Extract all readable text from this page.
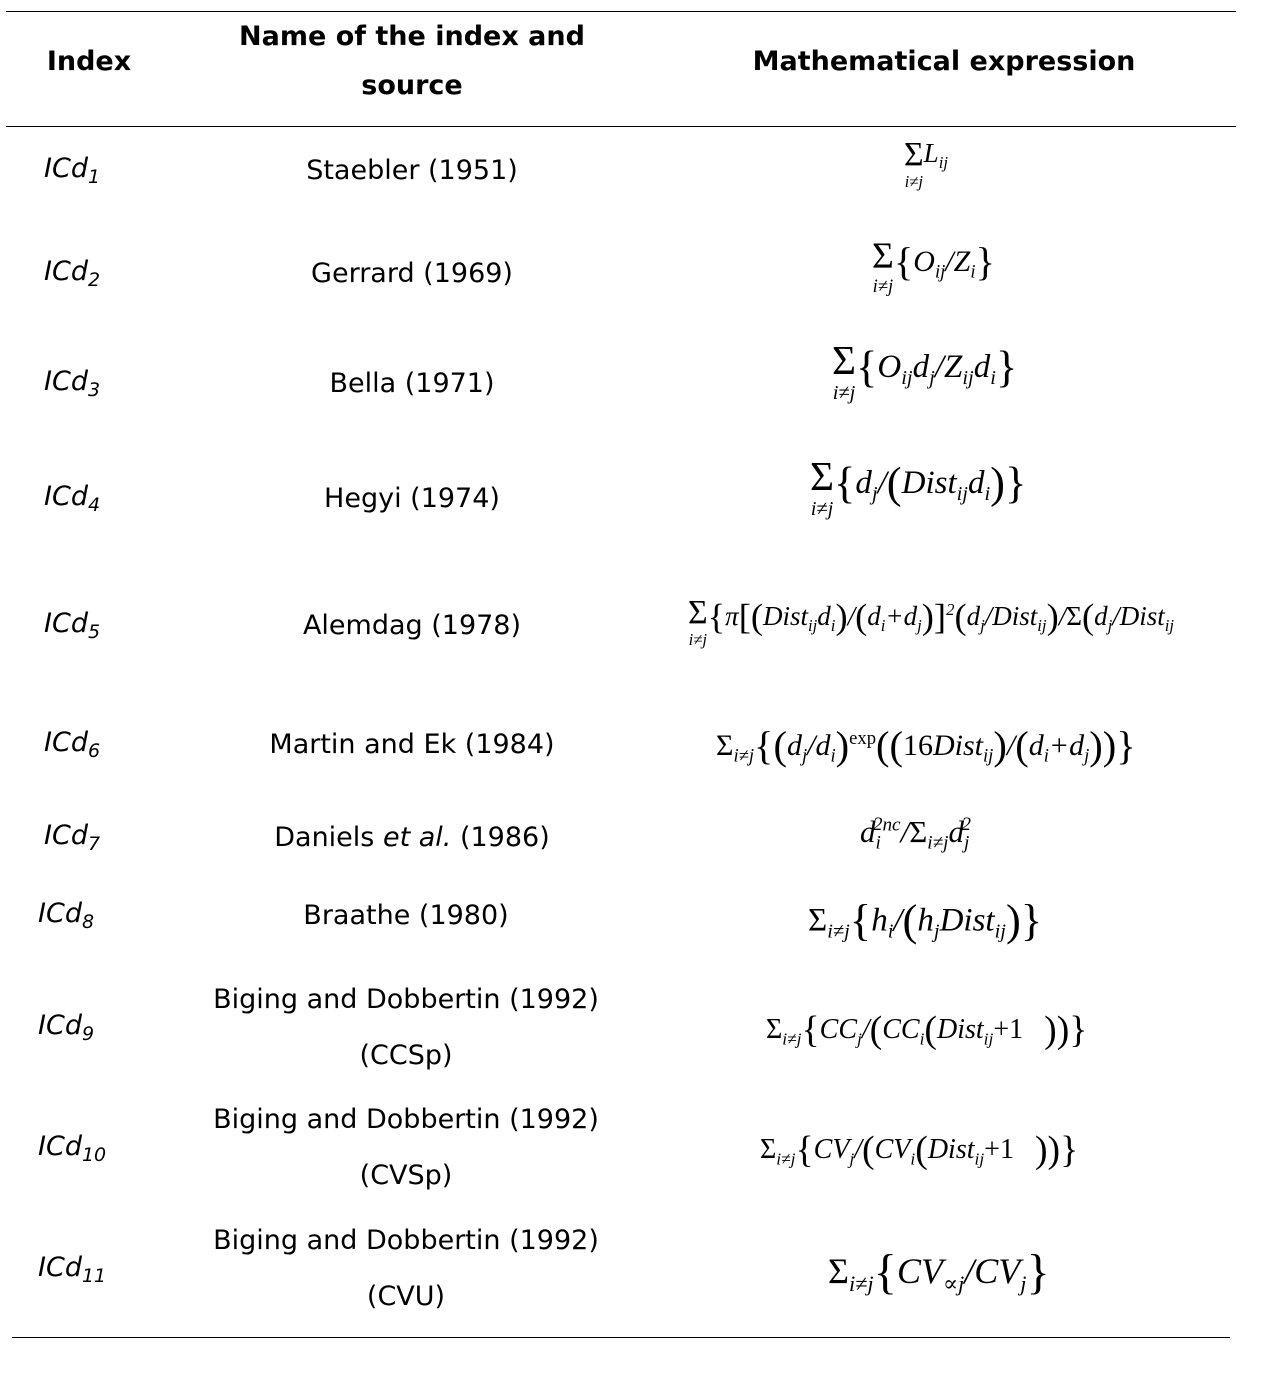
Index
Name of the index and
source
Mathematical expression
ICd$_1$
ICd$_2$
ICd$_3$
ICd$_4$
ICd$_5$
ICd$_6$
ICd$_7$
ICd$_8$
ICd$_9$
ICd$_{10}$
ICd$_{11}$
Staebler (1951)
Gerrard (1969)
Bella (1971)
Hegyi (1974)
Alemdag (1978)
Martin and Ek (1984)
Daniels et al. (1986)
Braathe (1980)
Biging and Dobbertin (1992)
(CCSp)
Biging and Dobbertin (1992)
(CVSp)
Biging and Dobbertin (1992)
(CVU)
Σ
i≠j
$L_{ij}$
Σ
i≠j
$\{O_{ij}/Z_i\}$
Σ
i≠j
$\{O_{ij}d_j/Z_{ij}d_i\}$
Σ
i≠j
$\{d_j/(Dist_{ij}d_i)\}$
Σ
i≠j
{$\pi[(Dist_{ij}d_i)/(d_i+d_j)]^2(d_j/Dist_{ij})/\Sigma(d_j/Dist_{ij}$
$\Sigma_{i\ne j}\{(d_j/d_i)^{exp}((16Dist_{ij})/(d_i+d_j))\}$
$d_i^{2nc}/\Sigma_{i\ne j}d_j^2$
$\Sigma_{i\ne j}\{h_i/(h_jDist_{ij})\}$
$\Sigma_{i\ne j}\{CC_j/(CC_i(Dist_{ij}+1$ ))}
$\Sigma_{i\ne j}\{CV_j/(CV_i(Dist_{ij}+1$ ))}
$\Sigma_{i\ne j}\{CV_{\propto j}/CV_j\}$
